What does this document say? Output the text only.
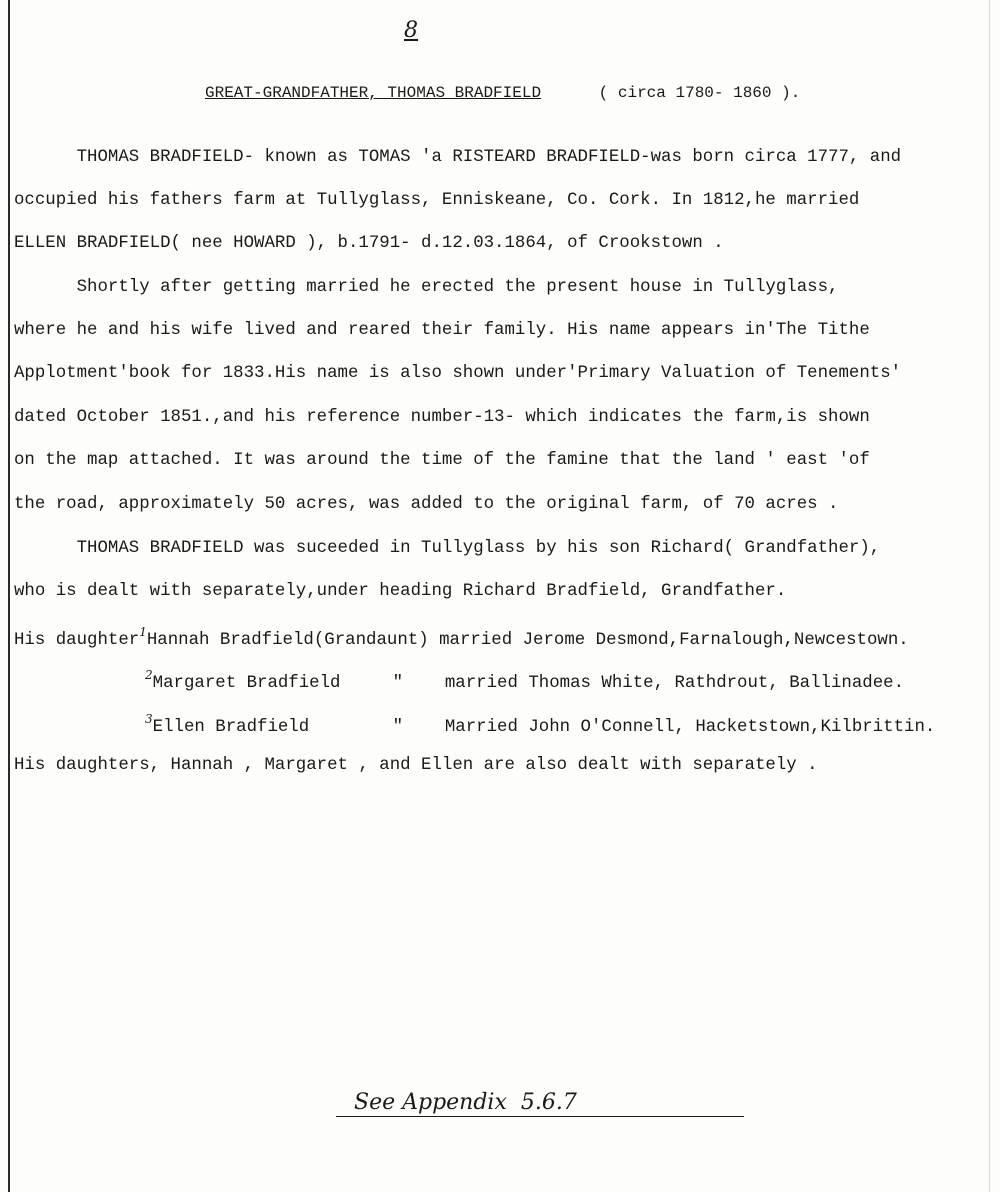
8
GREAT-GRANDFATHER, THOMAS BRADFIELD	( circa 1780- 1860 ).
THOMAS BRADFIELD- known as TOMAS 'a RISTEARD BRADFIELD-was born circa 1777, and
occupied his fathers farm at Tullyglass, Enniskeane, Co. Cork. In 1812,he married
ELLEN BRADFIELD( nee HOWARD ), b.1791- d.12.03.1864, of Crookstown .
Shortly after getting married he erected the present house in Tullyglass,
where he and his wife lived and reared their family. His name appears in'The Tithe
Applotment'book for 1833.His name is also shown under'Primary Valuation of Tenements'
dated October 1851.,and his reference number-13- which indicates the farm,is shown
on the map attached. It was around the time of the famine that the land ' east 'of
the road, approximately 50 acres, was added to the original farm, of 70 acres .
THOMAS BRADFIELD was suceeded in Tullyglass by his son Richard( Grandfather),
who is dealt with separately,under heading Richard Bradfield, Grandfather.
His daughter$^1$Hannah Bradfield(Grandaunt) married Jerome Desmond,Farnalough,Newcestown.
$^2$Margaret Bradfield     "    married Thomas White, Rathdrout, Ballinadee.
$^3$Ellen Bradfield        "    Married John O'Connell, Hacketstown,Kilbrittin.
His daughters, Hannah , Margaret , and Ellen are also dealt with separately .
See Appendix  5.6.7
